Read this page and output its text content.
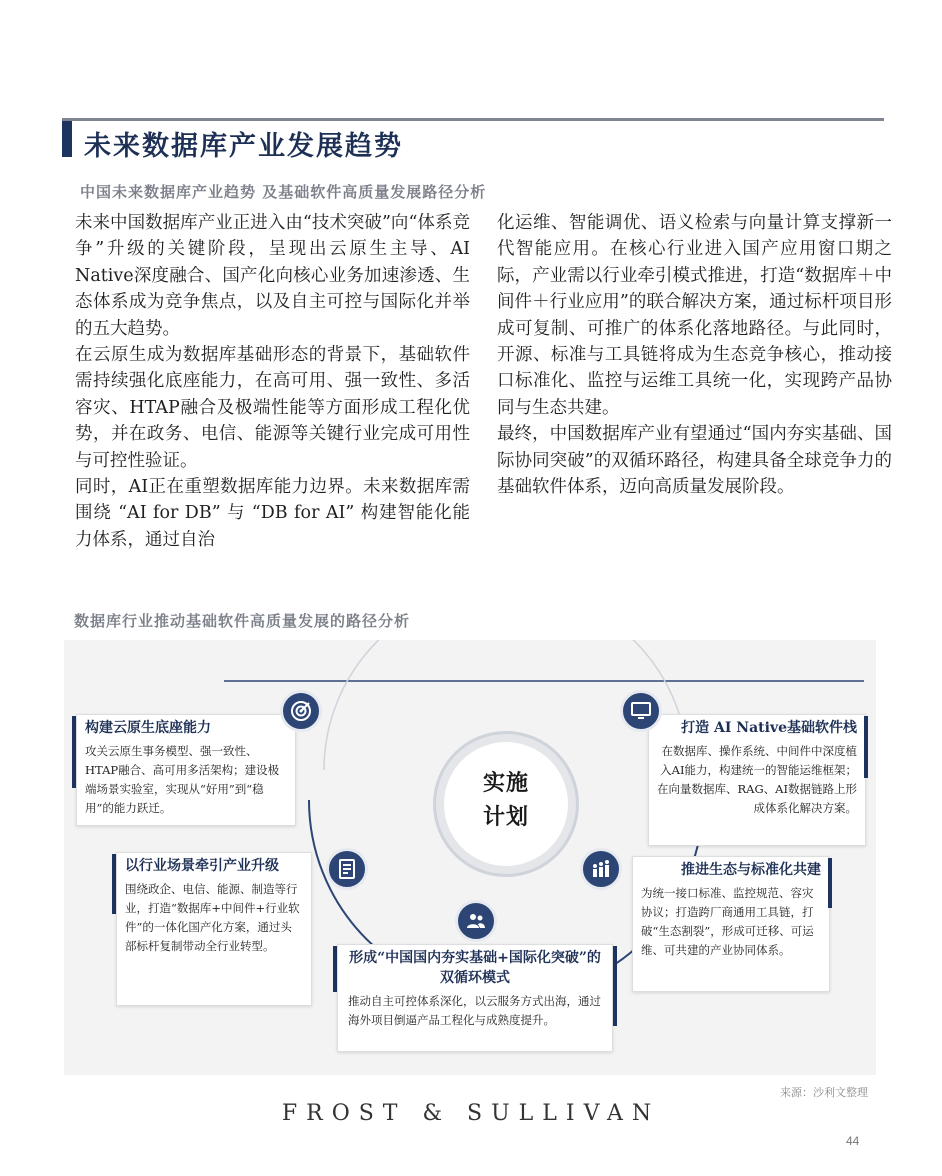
未来数据库产业发展趋势
中国未来数据库产业趋势 及基础软件高质量发展路径分析

未来中国数据库产业正进入由“技术突破”向“体系竞争”升级的关键阶段，呈现出云原生主导、AI Native深度融合、国产化向核心业务加速渗透、生态体系成为竞争焦点，以及自主可控与国际化并举的五大趋势。

在云原生成为数据库基础形态的背景下，基础软件需持续强化底座能力，在高可用、强一致性、多活容灾、HTAP融合及极端性能等方面形成工程化优势，并在政务、电信、能源等关键行业完成可用性与可控性验证。

同时，AI正在重塑数据库能力边界。未来数据库需围绕 “AI for DB” 与 “DB for AI” 构建智能化能力体系，通过自治

化运维、智能调优、语义检索与向量计算支撑新一代智能应用。在核心行业进入国产应用窗口期之际，产业需以行业牵引模式推进，打造“数据库＋中间件＋行业应用”的联合解决方案，通过标杆项目形成可复制、可推广的体系化落地路径。与此同时，开源、标准与工具链将成为生态竞争核心，推动接口标准化、监控与运维工具统一化，实现跨产品协同与生态共建。

最终，中国数据库产业有望通过“国内夯实基础、国际协同突破”的双循环路径，构建具备全球竞争力的基础软件体系，迈向高质量发展阶段。

数据库行业推动基础软件高质量发展的路径分析
实施
计划
构建云原生底座能力
攻关云原生事务模型、强一致性、HTAP融合、高可用多活架构；建设极端场景实验室，实现从“好用”到“稳用”的能力跃迁。
打造 AI Native基础软件栈
在数据库、操作系统、中间件中深度植入AI能力，构建统一的智能运维框架；在向量数据库、RAG、AI数据链路上形成体系化解决方案。
以行业场景牵引产业升级
围绕政企、电信、能源、制造等行业，打造“数据库+中间件+行业软件”的一体化国产化方案，通过头部标杆复制带动全行业转型。
推进生态与标准化共建
为统一接口标准、监控规范、容灾协议；打造跨厂商通用工具链，打破“生态割裂”，形成可迁移、可运维、可共建的产业协同体系。
形成“中国国内夯实基础+国际化突破”的双循环模式
推动自主可控体系深化，以云服务方式出海，通过海外项目倒逼产品工程化与成熟度提升。
来源：沙利文整理
FROST & SULLIVAN
44
